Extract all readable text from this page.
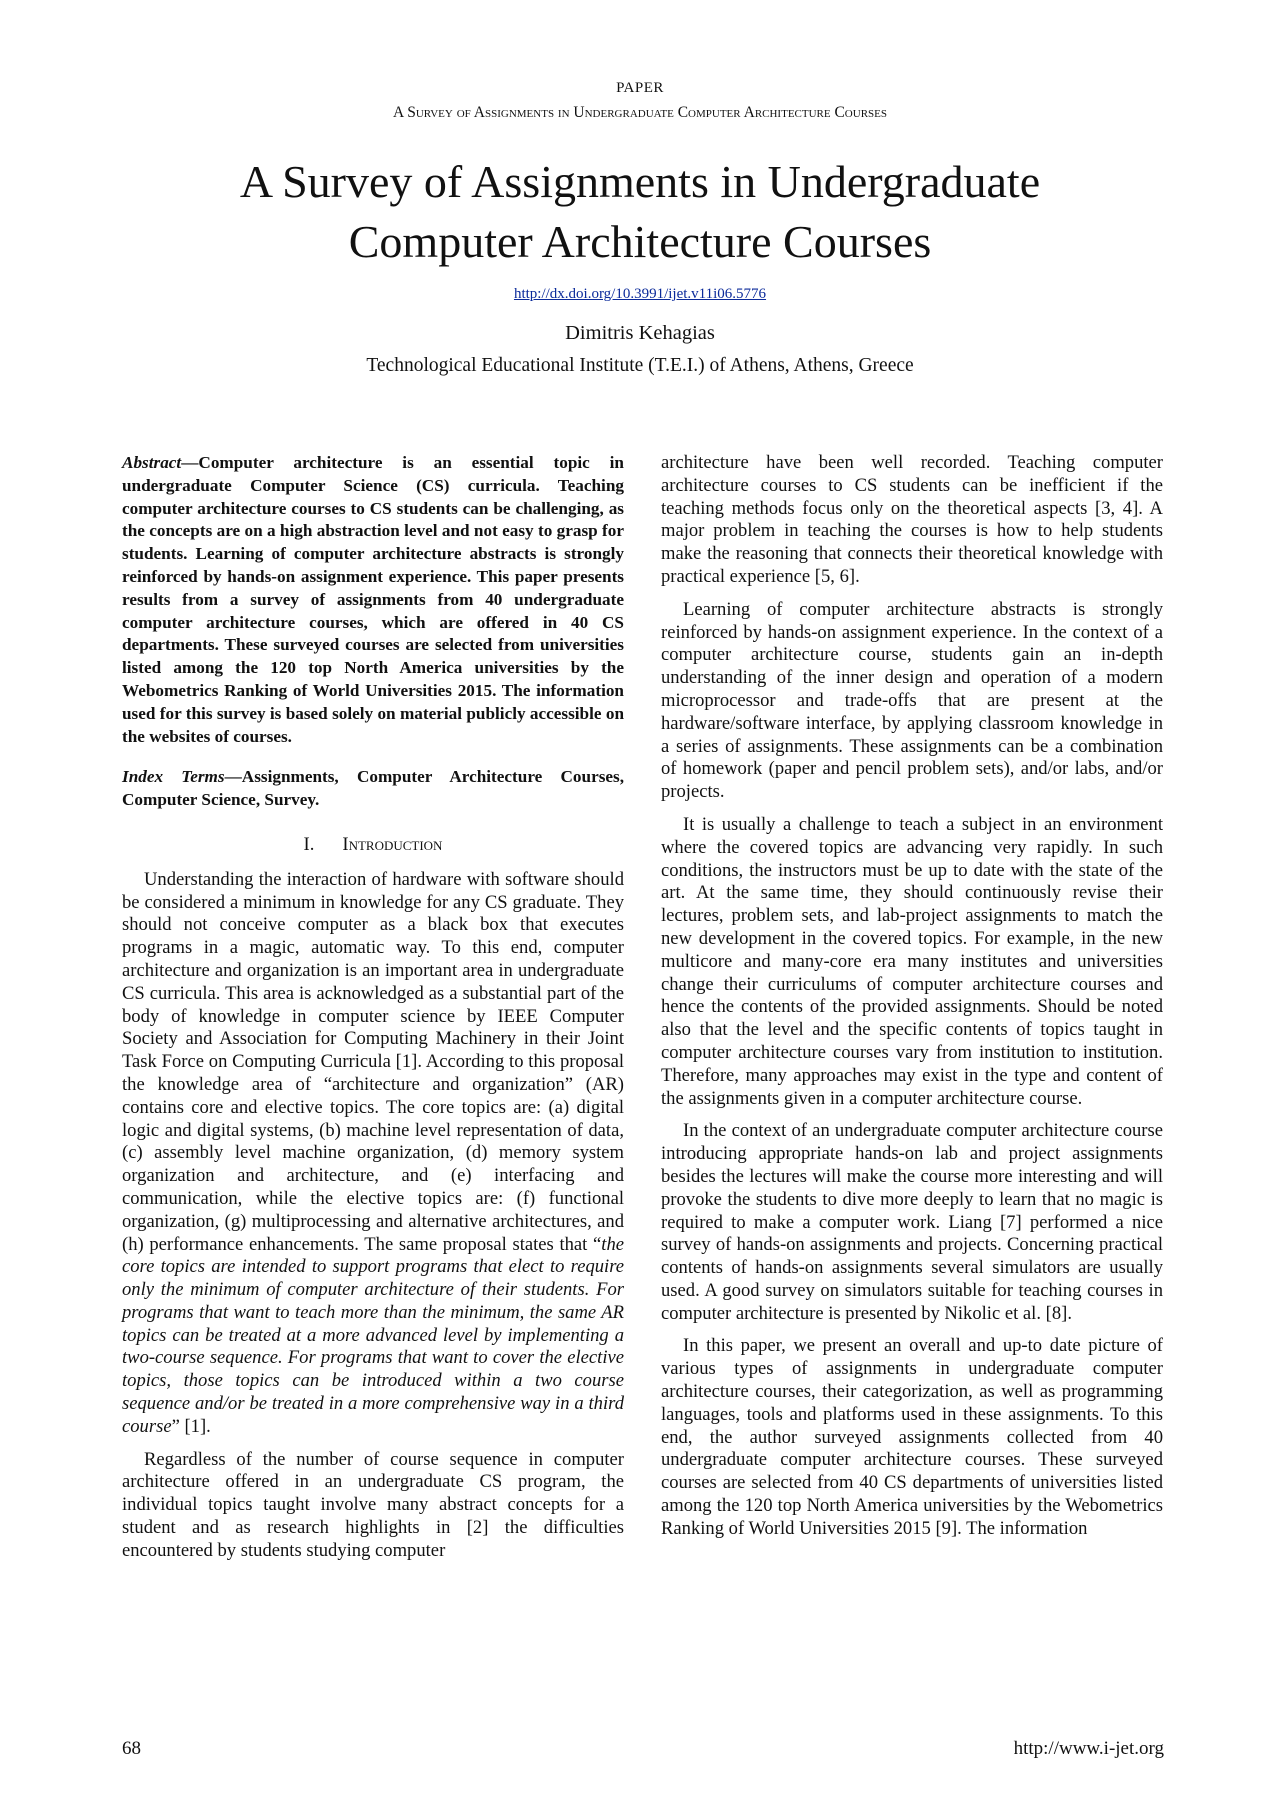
PAPER
A Survey of Assignments in Undergraduate Computer Architecture Courses
A Survey of Assignments in Undergraduate
Computer Architecture Courses
http://dx.doi.org/10.3991/ijet.v11i06.5776
Dimitris Kehagias
Technological Educational Institute (T.E.I.) of Athens, Athens, Greece

Abstract—Computer architecture is an essential topic in undergraduate Computer Science (CS) curricula. Teaching computer architecture courses to CS students can be challenging, as the concepts are on a high abstraction level and not easy to grasp for students. Learning of computer architecture abstracts is strongly reinforced by hands-on assignment experience. This paper presents results from a survey of assignments from 40 undergraduate computer architecture courses, which are offered in 40 CS departments. These surveyed courses are selected from universities listed among the 120 top North America universities by the Webometrics Ranking of World Universities 2015. The information used for this survey is based solely on material publicly accessible on the websites of courses.

Index Terms—Assignments, Computer Architecture Courses, Computer Science, Survey.

I. Introduction

Understanding the interaction of hardware with software should be considered a minimum in knowledge for any CS graduate. They should not conceive computer as a black box that executes programs in a magic, automatic way. To this end, computer architecture and organization is an important area in undergraduate CS curricula. This area is acknowledged as a substantial part of the body of knowledge in computer science by IEEE Computer Society and Association for Computing Machinery in their Joint Task Force on Computing Curricula [1]. According to this proposal the knowledge area of “architecture and organization” (AR) contains core and elective topics. The core topics are: (a) digital logic and digital systems, (b) machine level representation of data, (c) assembly level machine organization, (d) memory system organization and architecture, and (e) interfacing and communication, while the elective topics are: (f) functional organization, (g) multiprocessing and alternative architectures, and (h) performance enhancements. The same proposal states that “the core topics are intended to support programs that elect to require only the minimum of computer architecture of their students. For programs that want to teach more than the minimum, the same AR topics can be treated at a more advanced level by implementing a two-course sequence. For programs that want to cover the elective topics, those topics can be introduced within a two course sequence and/or be treated in a more comprehensive way in a third course” [1].

Regardless of the number of course sequence in computer architecture offered in an undergraduate CS program, the individual topics taught involve many abstract concepts for a student and as research highlights in [2] the difficulties encountered by students studying computer

architecture have been well recorded. Teaching computer architecture courses to CS students can be inefficient if the teaching methods focus only on the theoretical aspects [3, 4]. A major problem in teaching the courses is how to help students make the reasoning that connects their theoretical knowledge with practical experience [5, 6].

Learning of computer architecture abstracts is strongly reinforced by hands-on assignment experience. In the context of a computer architecture course, students gain an in-depth understanding of the inner design and operation of a modern microprocessor and trade-offs that are present at the hardware/software interface, by applying classroom knowledge in a series of assignments. These assignments can be a combination of homework (paper and pencil problem sets), and/or labs, and/or projects.

It is usually a challenge to teach a subject in an environment where the covered topics are advancing very rapidly. In such conditions, the instructors must be up to date with the state of the art. At the same time, they should continuously revise their lectures, problem sets, and lab-project assignments to match the new development in the covered topics. For example, in the new multicore and many-core era many institutes and universities change their curriculums of computer architecture courses and hence the contents of the provided assignments. Should be noted also that the level and the specific contents of topics taught in computer architecture courses vary from institution to institution. Therefore, many approaches may exist in the type and content of the assignments given in a computer architecture course.

In the context of an undergraduate computer architecture course introducing appropriate hands-on lab and project assignments besides the lectures will make the course more interesting and will provoke the students to dive more deeply to learn that no magic is required to make a computer work. Liang [7] performed a nice survey of hands-on assignments and projects. Concerning practical contents of hands-on assignments several simulators are usually used. A good survey on simulators suitable for teaching courses in computer architecture is presented by Nikolic et al. [8].

In this paper, we present an overall and up-to date picture of various types of assignments in undergraduate computer architecture courses, their categorization, as well as programming languages, tools and platforms used in these assignments. To this end, the author surveyed assignments collected from 40 undergraduate computer architecture courses. These surveyed courses are selected from 40 CS departments of universities listed among the 120 top North America universities by the Webometrics Ranking of World Universities 2015 [9]. The information

68	http://www.i-jet.org
